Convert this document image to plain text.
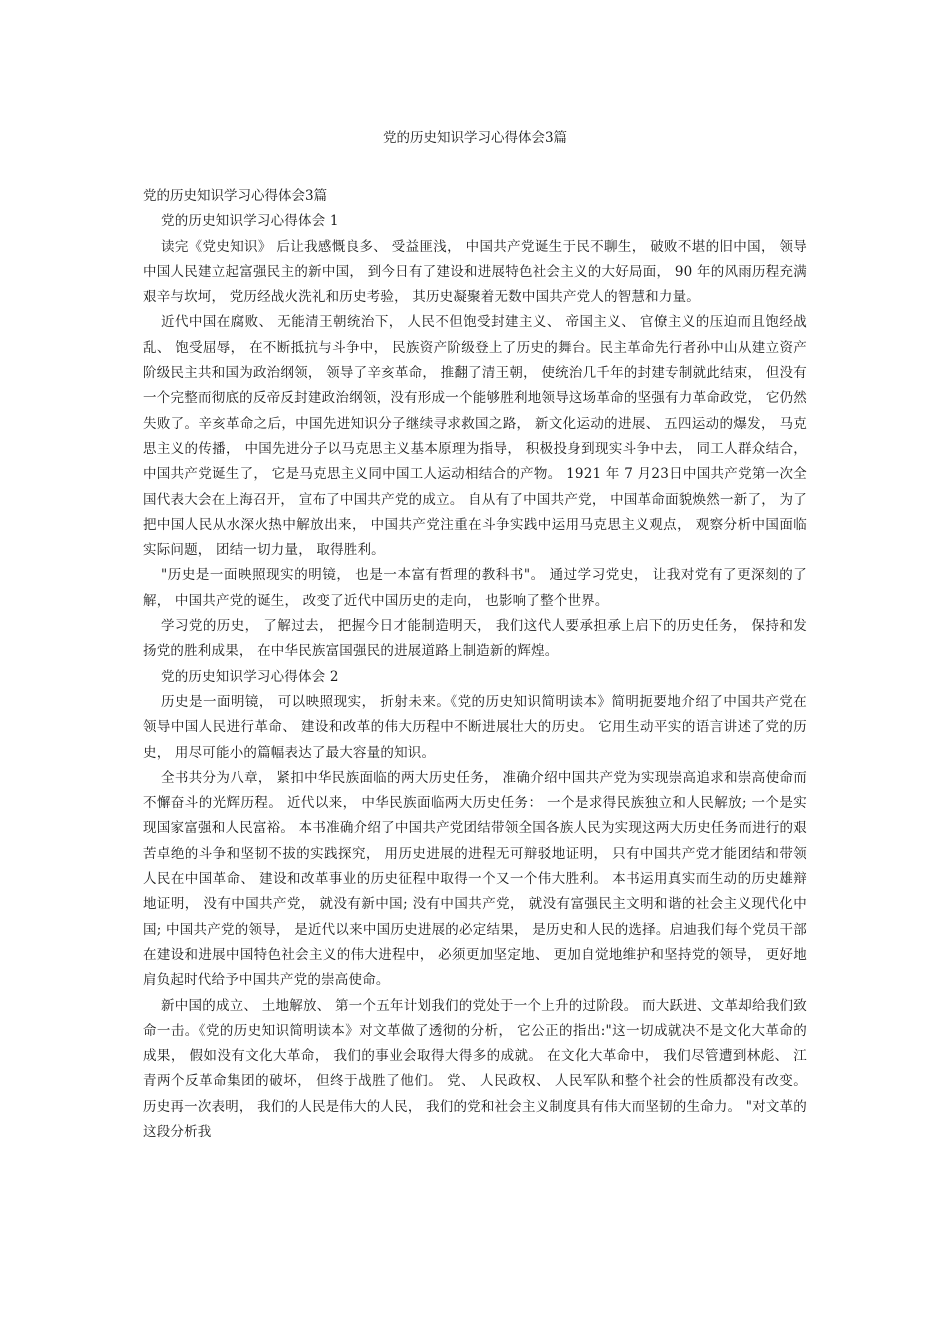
党的历史知识学习心得体会3篇
党的历史知识学习心得体会3篇

党的历史知识学习心得体会 1

读完《党史知识》 后让我感慨良多、 受益匪浅， 中国共产党诞生于民不聊生， 破败不堪的旧中国， 领导中国人民建立起富强民主的新中国， 到今日有了建设和进展特色社会主义的大好局面， 90 年的风雨历程充满艰辛与坎坷， 党历经战火洗礼和历史考验， 其历史凝聚着无数中国共产党人的智慧和力量。

近代中国在腐败、 无能清王朝统治下， 人民不但饱受封建主义、 帝国主义、 官僚主义的压迫而且饱经战乱、 饱受屈辱， 在不断抵抗与斗争中， 民族资产阶级登上了历史的舞台。民主革命先行者孙中山从建立资产阶级民主共和国为政治纲领， 领导了辛亥革命， 推翻了清王朝， 使统治几千年的封建专制就此结束， 但没有一个完整而彻底的反帝反封建政治纲领，没有形成一个能够胜利地领导这场革命的坚强有力革命政党， 它仍然失败了。辛亥革命之后，中国先进知识分子继续寻求救国之路， 新文化运动的进展、 五四运动的爆发， 马克思主义的传播， 中国先进分子以马克思主义基本原理为指导， 积极投身到现实斗争中去， 同工人群众结合， 中国共产党诞生了， 它是马克思主义同中国工人运动相结合的产物。 1921 年 7 月23日中国共产党第一次全国代表大会在上海召开， 宣布了中国共产党的成立。 自从有了中国共产党， 中国革命面貌焕然一新了， 为了把中国人民从水深火热中解放出来， 中国共产党注重在斗争实践中运用马克思主义观点， 观察分析中国面临实际问题， 团结一切力量， 取得胜利。

"历史是一面映照现实的明镜， 也是一本富有哲理的教科书"。 通过学习党史， 让我对党有了更深刻的了解， 中国共产党的诞生， 改变了近代中国历史的走向， 也影响了整个世界。

学习党的历史， 了解过去， 把握今日才能制造明天， 我们这代人要承担承上启下的历史任务， 保持和发扬党的胜利成果， 在中华民族富国强民的进展道路上制造新的辉煌。

党的历史知识学习心得体会 2

历史是一面明镜， 可以映照现实， 折射未来。《党的历史知识简明读本》简明扼要地介绍了中国共产党在领导中国人民进行革命、 建设和改革的伟大历程中不断进展壮大的历史。 它用生动平实的语言讲述了党的历史， 用尽可能小的篇幅表达了最大容量的知识。

全书共分为八章， 紧扣中华民族面临的两大历史任务， 准确介绍中国共产党为实现崇高追求和崇高使命而不懈奋斗的光辉历程。 近代以来， 中华民族面临两大历史任务： 一个是求得民族独立和人民解放; 一个是实现国家富强和人民富裕。 本书准确介绍了中国共产党团结带领全国各族人民为实现这两大历史任务而进行的艰苦卓绝的斗争和坚韧不拔的实践探究， 用历史进展的进程无可辩驳地证明， 只有中国共产党才能团结和带领人民在中国革命、 建设和改革事业的历史征程中取得一个又一个伟大胜利。 本书运用真实而生动的历史雄辩地证明， 没有中国共产党， 就没有新中国; 没有中国共产党， 就没有富强民主文明和谐的社会主义现代化中国; 中国共产党的领导， 是近代以来中国历史进展的必定结果， 是历史和人民的选择。启迪我们每个党员干部在建设和进展中国特色社会主义的伟大进程中， 必须更加坚定地、 更加自觉地维护和坚持党的领导， 更好地肩负起时代给予中国共产党的崇高使命。

新中国的成立、 土地解放、 第一个五年计划我们的党处于一个上升的过阶段。 而大跃进、文革却给我们致命一击。《党的历史知识简明读本》对文革做了透彻的分析， 它公正的指出:"这一切成就决不是文化大革命的成果， 假如没有文化大革命， 我们的事业会取得大得多的成就。 在文化大革命中， 我们尽管遭到林彪、 江青两个反革命集团的破坏， 但终于战胜了他们。 党、 人民政权、 人民军队和整个社会的性质都没有改变。 历史再一次表明， 我们的人民是伟大的人民， 我们的党和社会主义制度具有伟大而坚韧的生命力。 "对文革的这段分析我
